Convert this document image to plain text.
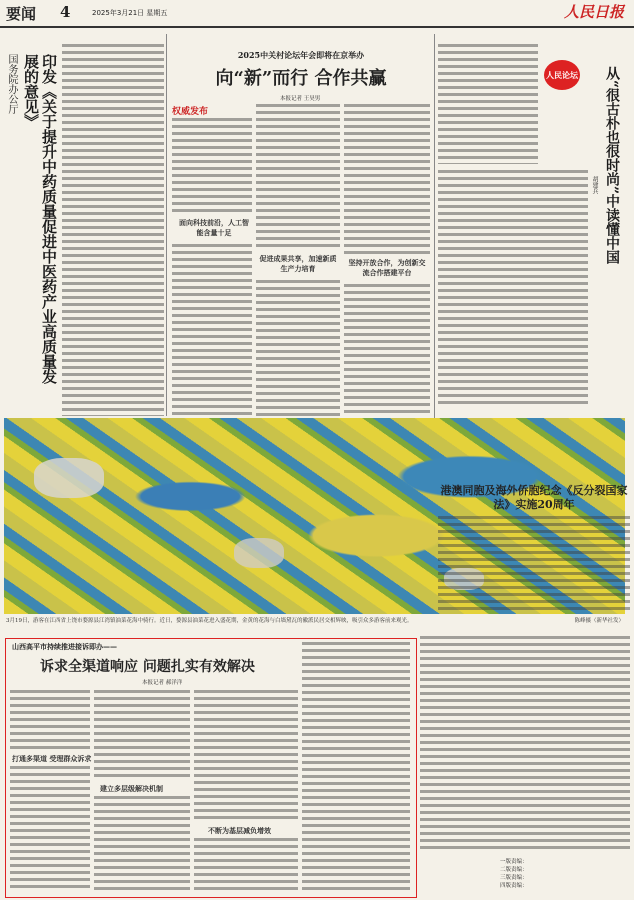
要闻 4	2025年3月21日 星期五	人民日报
国务院办公厅	印发《关于提升中药质量促进中医药产业高质量发展的意见》	2025中关村论坛年会即将在京举办
向“新”而行 合作共赢
本报记者 王昊男
权威发布
面向科技前沿，人工智能含量十足
促进成果共享，加速新质生产力培育
坚持开放合作，为创新交流合作搭建平台
人民论坛 从“很古朴也很时尚”中读懂中国
胡建兵
3月19日，游客在江西省上饶市婺源县江湾镇油菜花海中骑行。近日，婺源县油菜花进入盛花期，金黄的花海与白墙黛瓦的徽派民居交相辉映，吸引众多游客前来观光。	陈峰摄（新华社发）
港澳同胞及海外侨胞纪念《反分裂国家法》实施20周年
一版责编：
二版责编：
三版责编：
四版责编：
山西高平市持续推进接诉即办——
诉求全渠道响应 问题扎实有效解决
本报记者 郝洋洋
打通多渠道 受理群众诉求
建立多层级解决机制
不断为基层减负增效
